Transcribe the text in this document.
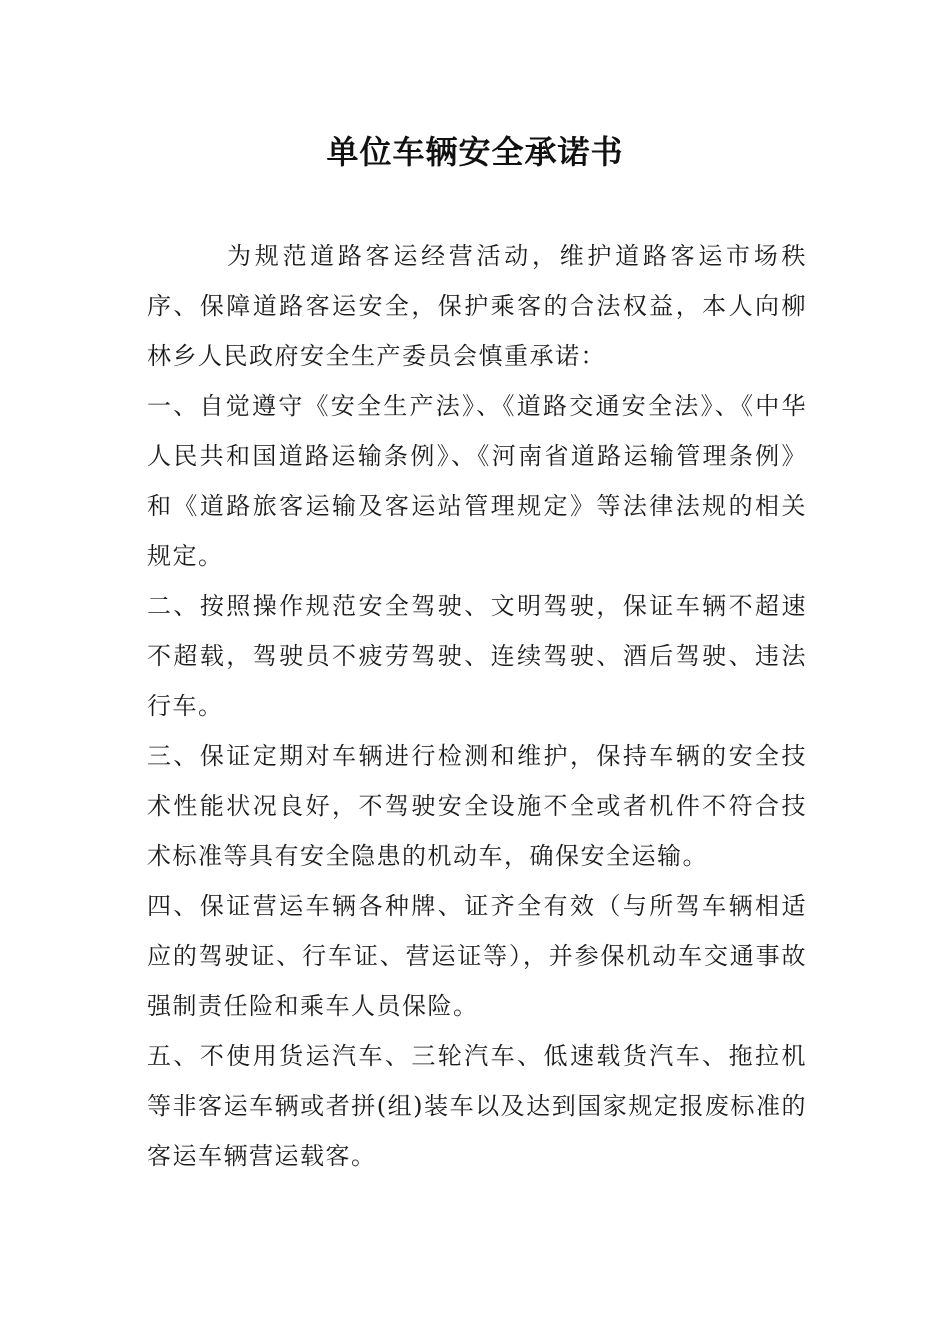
单位车辆安全承诺书

为规范道路客运经营活动，维护道路客运市场秩序、保障道路客运安全，保护乘客的合法权益，本人向柳林乡人民政府安全生产委员会慎重承诺：

一、自觉遵守《安全生产法》、《道路交通安全法》、《中华人民共和国道路运输条例》、《河南省道路运输管理条例》和《道路旅客运输及客运站管理规定》等法律法规的相关规定。

二、按照操作规范安全驾驶、文明驾驶，保证车辆不超速不超载，驾驶员不疲劳驾驶、连续驾驶、酒后驾驶、违法行车。

三、保证定期对车辆进行检测和维护，保持车辆的安全技术性能状况良好，不驾驶安全设施不全或者机件不符合技术标准等具有安全隐患的机动车，确保安全运输。

四、保证营运车辆各种牌、证齐全有效（与所驾车辆相适应的驾驶证、行车证、营运证等），并参保机动车交通事故强制责任险和乘车人员保险。

五、不使用货运汽车、三轮汽车、低速载货汽车、拖拉机等非客运车辆或者拼(组)装车以及达到国家规定报废标准的客运车辆营运载客。
